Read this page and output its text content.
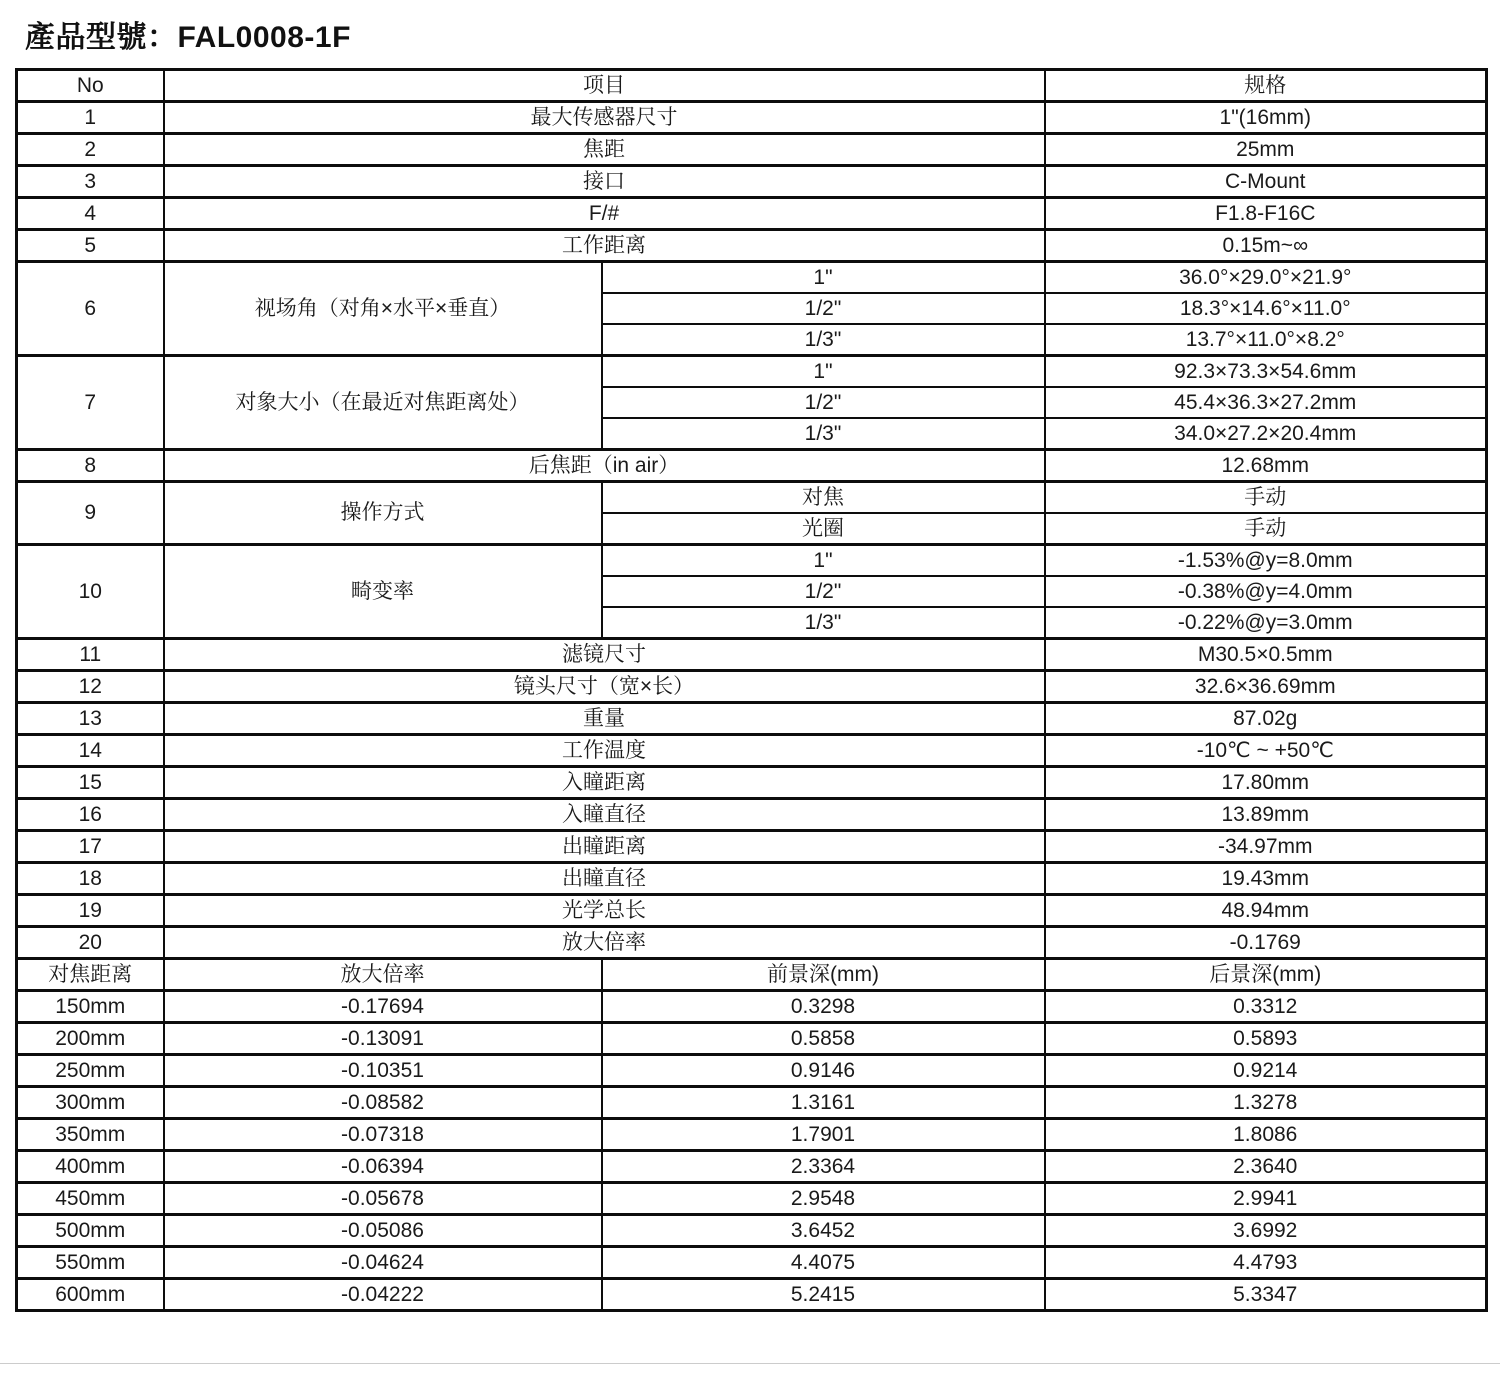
產品型號：FAL0008-1F
No	项目		规格
1	最大传感器尺寸		1"(16mm)
2	焦距		25mm
3	接口		C-Mount
4	F/#		F1.8-F16C
5	工作距离		0.15m~∞
6	视场角（对角×水平×垂直）	1"	36.0°×29.0°×21.9°
		1/2"	18.3°×14.6°×11.0°
		1/3"	13.7°×11.0°×8.2°
7	对象大小（在最近对焦距离处）	1"	92.3×73.3×54.6mm
		1/2"	45.4×36.3×27.2mm
		1/3"	34.0×27.2×20.4mm
8	后焦距（in air）		12.68mm
9	操作方式	对焦	手动
		光圈	手动
10	畸变率	1"	-1.53%@y=8.0mm
		1/2"	-0.38%@y=4.0mm
		1/3"	-0.22%@y=3.0mm
11	滤镜尺寸		M30.5×0.5mm
12	镜头尺寸（宽×长）		32.6×36.69mm
13	重量		87.02g
14	工作温度		-10℃ ~ +50℃
15	入瞳距离		17.80mm
16	入瞳直径		13.89mm
17	出瞳距离		-34.97mm
18	出瞳直径		19.43mm
19	光学总长		48.94mm
20	放大倍率		-0.1769
对焦距离	放大倍率	前景深(mm)	后景深(mm)
150mm	-0.17694	0.3298	0.3312
200mm	-0.13091	0.5858	0.5893
250mm	-0.10351	0.9146	0.9214
300mm	-0.08582	1.3161	1.3278
350mm	-0.07318	1.7901	1.8086
400mm	-0.06394	2.3364	2.3640
450mm	-0.05678	2.9548	2.9941
500mm	-0.05086	3.6452	3.6992
550mm	-0.04624	4.4075	4.4793
600mm	-0.04222	5.2415	5.3347
